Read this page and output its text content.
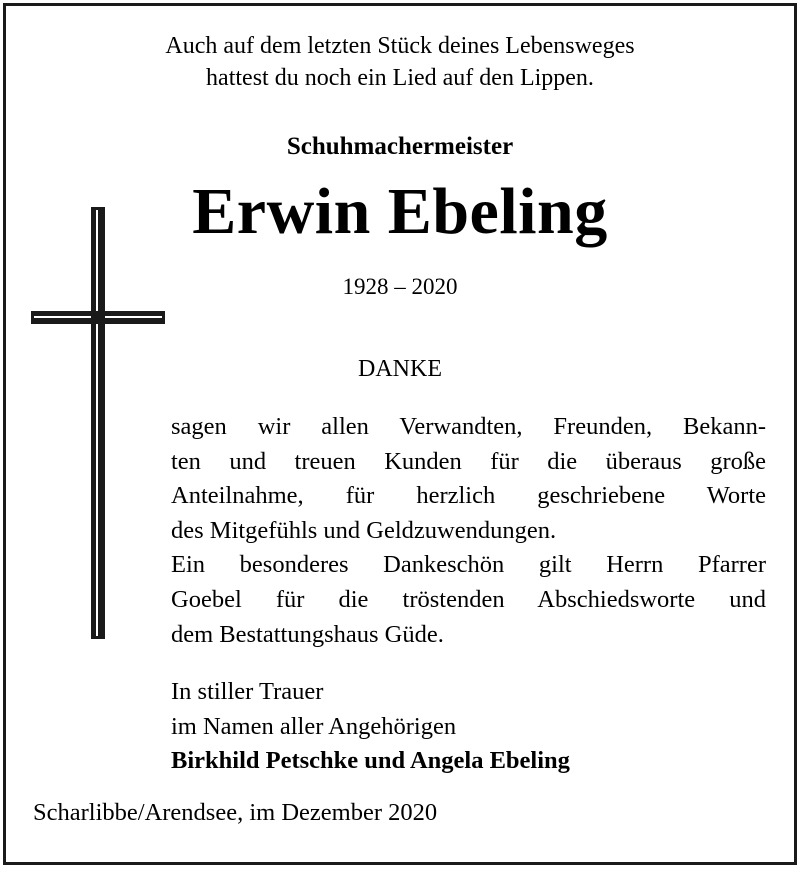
Auch auf dem letzten Stück deines Lebensweges
hattest du noch ein Lied auf den Lippen.
Schuhmachermeister
Erwin Ebeling
1928 – 2020
DANKE
sagen wir allen Verwandten, Freunden, Bekann-
ten und treuen Kunden für die überaus große
Anteilnahme, für herzlich geschriebene Worte
des Mitgefühls und Geldzuwendungen.
Ein besonderes Dankeschön gilt Herrn Pfarrer
Goebel für die tröstenden Abschiedsworte und
dem Bestattungshaus Güde.
In stiller Trauer
im Namen aller Angehörigen
Birkhild Petschke und Angela Ebeling
Scharlibbe/Arendsee, im Dezember 2020
